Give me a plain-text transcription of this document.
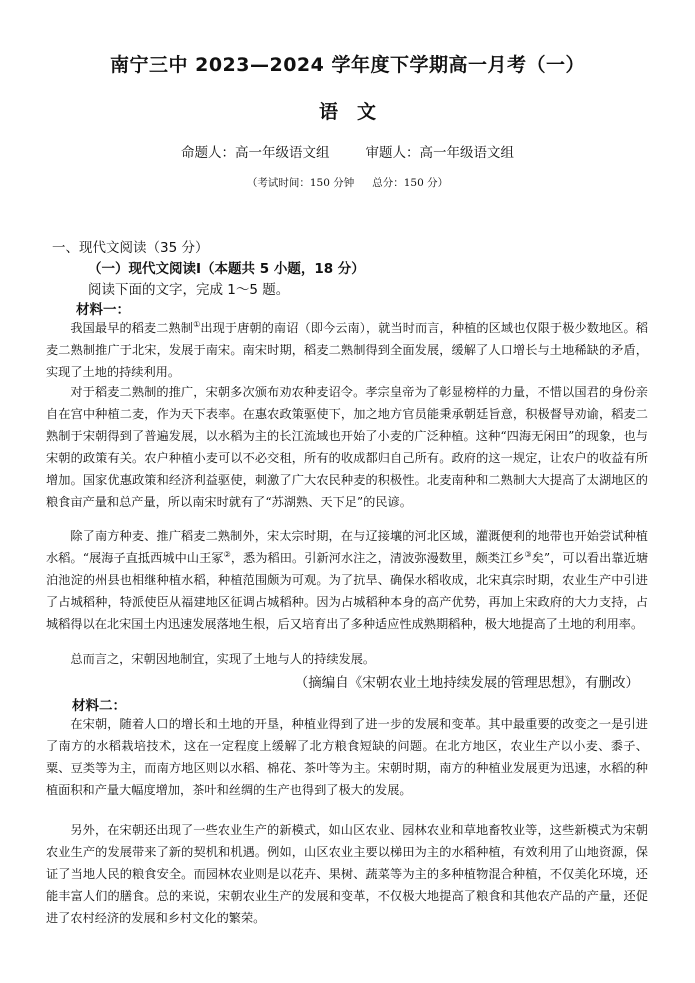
南宁三中 2023—2024 学年度下学期高一月考（一）
语　文
命题人：高一年级语文组	审题人：高一年级语文组
（考试时间：150 分钟 总分：150 分）
一、现代文阅读（35 分）
（一）现代文阅读Ⅰ（本题共 5 小题，18 分）
阅读下面的文字，完成 1～5 题。
材料一：

我国最早的稻麦二熟制①出现于唐朝的南诏（即今云南），就当时而言，种植的区域也仅限于极少数地区。稻麦二熟制推广于北宋，发展于南宋。南宋时期，稻麦二熟制得到全面发展，缓解了人口增长与土地稀缺的矛盾，实现了土地的持续利用。

对于稻麦二熟制的推广，宋朝多次颁布劝农种麦诏令。孝宗皇帝为了彰显榜样的力量，不惜以国君的身份亲自在宫中种植二麦，作为天下表率。在惠农政策驱使下，加之地方官员能秉承朝廷旨意，积极督导劝谕，稻麦二熟制于宋朝得到了普遍发展，以水稻为主的长江流域也开始了小麦的广泛种植。这种“四海无闲田”的现象，也与宋朝的政策有关。农户种植小麦可以不必交租，所有的收成都归自己所有。政府的这一规定，让农户的收益有所增加。国家优惠政策和经济利益驱使，刺激了广大农民种麦的积极性。北麦南种和二熟制大大提高了太湖地区的粮食亩产量和总产量，所以南宋时就有了“苏湖熟、天下足”的民谚。

除了南方种麦、推广稻麦二熟制外，宋太宗时期，在与辽接壤的河北区域，灌溉便利的地带也开始尝试种植水稻。“展海子直抵西城中山王冢②，悉为稻田。引新河水注之，清波弥漫数里，颇类江乡③矣”，可以看出靠近塘泊池淀的州县也相继种植水稻，种植范围颇为可观。为了抗旱、确保水稻收成，北宋真宗时期，农业生产中引进了占城稻种，特派使臣从福建地区征调占城稻种。因为占城稻种本身的高产优势，再加上宋政府的大力支持，占城稻得以在北宋国土内迅速发展落地生根，后又培育出了多种适应性成熟期稻种，极大地提高了土地的利用率。

总而言之，宋朝因地制宜，实现了土地与人的持续发展。

（摘编自《宋朝农业土地持续发展的管理思想》，有删改）
材料二：

在宋朝，随着人口的增长和土地的开垦，种植业得到了进一步的发展和变革。其中最重要的改变之一是引进了南方的水稻栽培技术，这在一定程度上缓解了北方粮食短缺的问题。在北方地区，农业生产以小麦、黍子、粟、豆类等为主，而南方地区则以水稻、棉花、茶叶等为主。宋朝时期，南方的种植业发展更为迅速，水稻的种植面积和产量大幅度增加，茶叶和丝绸的生产也得到了极大的发展。

另外，在宋朝还出现了一些农业生产的新模式，如山区农业、园林农业和草地畜牧业等，这些新模式为宋朝农业生产的发展带来了新的契机和机遇。例如，山区农业主要以梯田为主的水稻种植，有效利用了山地资源，保证了当地人民的粮食安全。而园林农业则是以花卉、果树、蔬菜等为主的多种植物混合种植，不仅美化环境，还能丰富人们的膳食。总的来说，宋朝农业生产的发展和变革，不仅极大地提高了粮食和其他农产品的产量，还促进了农村经济的发展和乡村文化的繁荣。
